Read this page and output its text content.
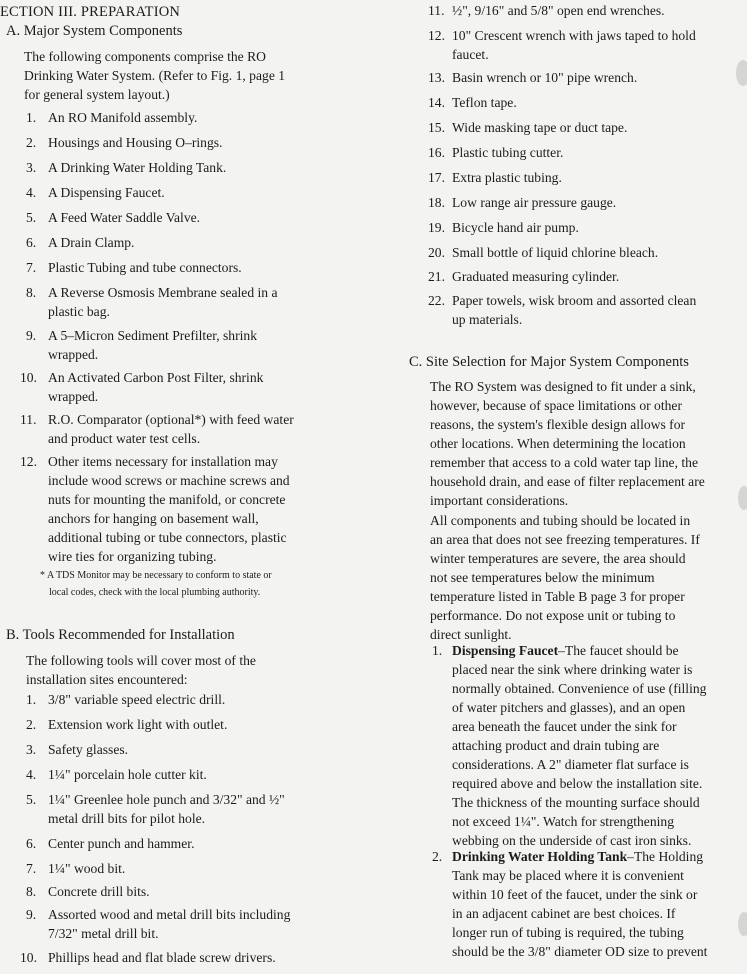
ECTION III. PREPARATION
A. Major System Components
The following components comprise the RO
Drinking Water System. (Refer to Fig. 1, page 1
for general system layout.)
1. An RO Manifold assembly.
2. Housings and Housing O–rings.
3. A Drinking Water Holding Tank.
4. A Dispensing Faucet.
5. A Feed Water Saddle Valve.
6. A Drain Clamp.
7. Plastic Tubing and tube connectors.
8. A Reverse Osmosis Membrane sealed in a
plastic bag.
9. A 5–Micron Sediment Prefilter, shrink
wrapped.
10. An Activated Carbon Post Filter, shrink
wrapped.
11. R.O. Comparator (optional*) with feed water
and product water test cells.
12. Other items necessary for installation may
include wood screws or machine screws and
nuts for mounting the manifold, or concrete
anchors for hanging on basement wall,
additional tubing or tube connectors, plastic
wire ties for organizing tubing.
* A TDS Monitor may be necessary to conform to state or
local codes, check with the local plumbing authority.
B. Tools Recommended for Installation
The following tools will cover most of the
installation sites encountered:
1. 3/8" variable speed electric drill.
2. Extension work light with outlet.
3. Safety glasses.
4. 1¼" porcelain hole cutter kit.
5. 1¼" Greenlee hole punch and 3/32" and ½"
metal drill bits for pilot hole.
6. Center punch and hammer.
7. 1¼" wood bit.
8. Concrete drill bits.
9. Assorted wood and metal drill bits including
7/32" metal drill bit.
10. Phillips head and flat blade screw drivers.
11. ½", 9/16" and 5/8" open end wrenches.
12. 10" Crescent wrench with jaws taped to hold
faucet.
13. Basin wrench or 10" pipe wrench.
14. Teflon tape.
15. Wide masking tape or duct tape.
16. Plastic tubing cutter.
17. Extra plastic tubing.
18. Low range air pressure gauge.
19. Bicycle hand air pump.
20. Small bottle of liquid chlorine bleach.
21. Graduated measuring cylinder.
22. Paper towels, wisk broom and assorted clean
up materials.
C. Site Selection for Major System Components
The RO System was designed to fit under a sink,
however, because of space limitations or other
reasons, the system's flexible design allows for
other locations. When determining the location
remember that access to a cold water tap line, the
household drain, and ease of filter replacement are
important considerations.
All components and tubing should be located in
an area that does not see freezing temperatures. If
winter temperatures are severe, the area should
not see temperatures below the minimum
temperature listed in Table B page 3 for proper
performance. Do not expose unit or tubing to
direct sunlight.
1. Dispensing Faucet–The faucet should be
placed near the sink where drinking water is
normally obtained. Convenience of use (filling
of water pitchers and glasses), and an open
area beneath the faucet under the sink for
attaching product and drain tubing are
considerations. A 2" diameter flat surface is
required above and below the installation site.
The thickness of the mounting surface should
not exceed 1¼". Watch for strengthening
webbing on the underside of cast iron sinks.
2. Drinking Water Holding Tank–The Holding
Tank may be placed where it is convenient
within 10 feet of the faucet, under the sink or
in an adjacent cabinet are best choices. If
longer run of tubing is required, the tubing
should be the 3/8" diameter OD size to prevent
